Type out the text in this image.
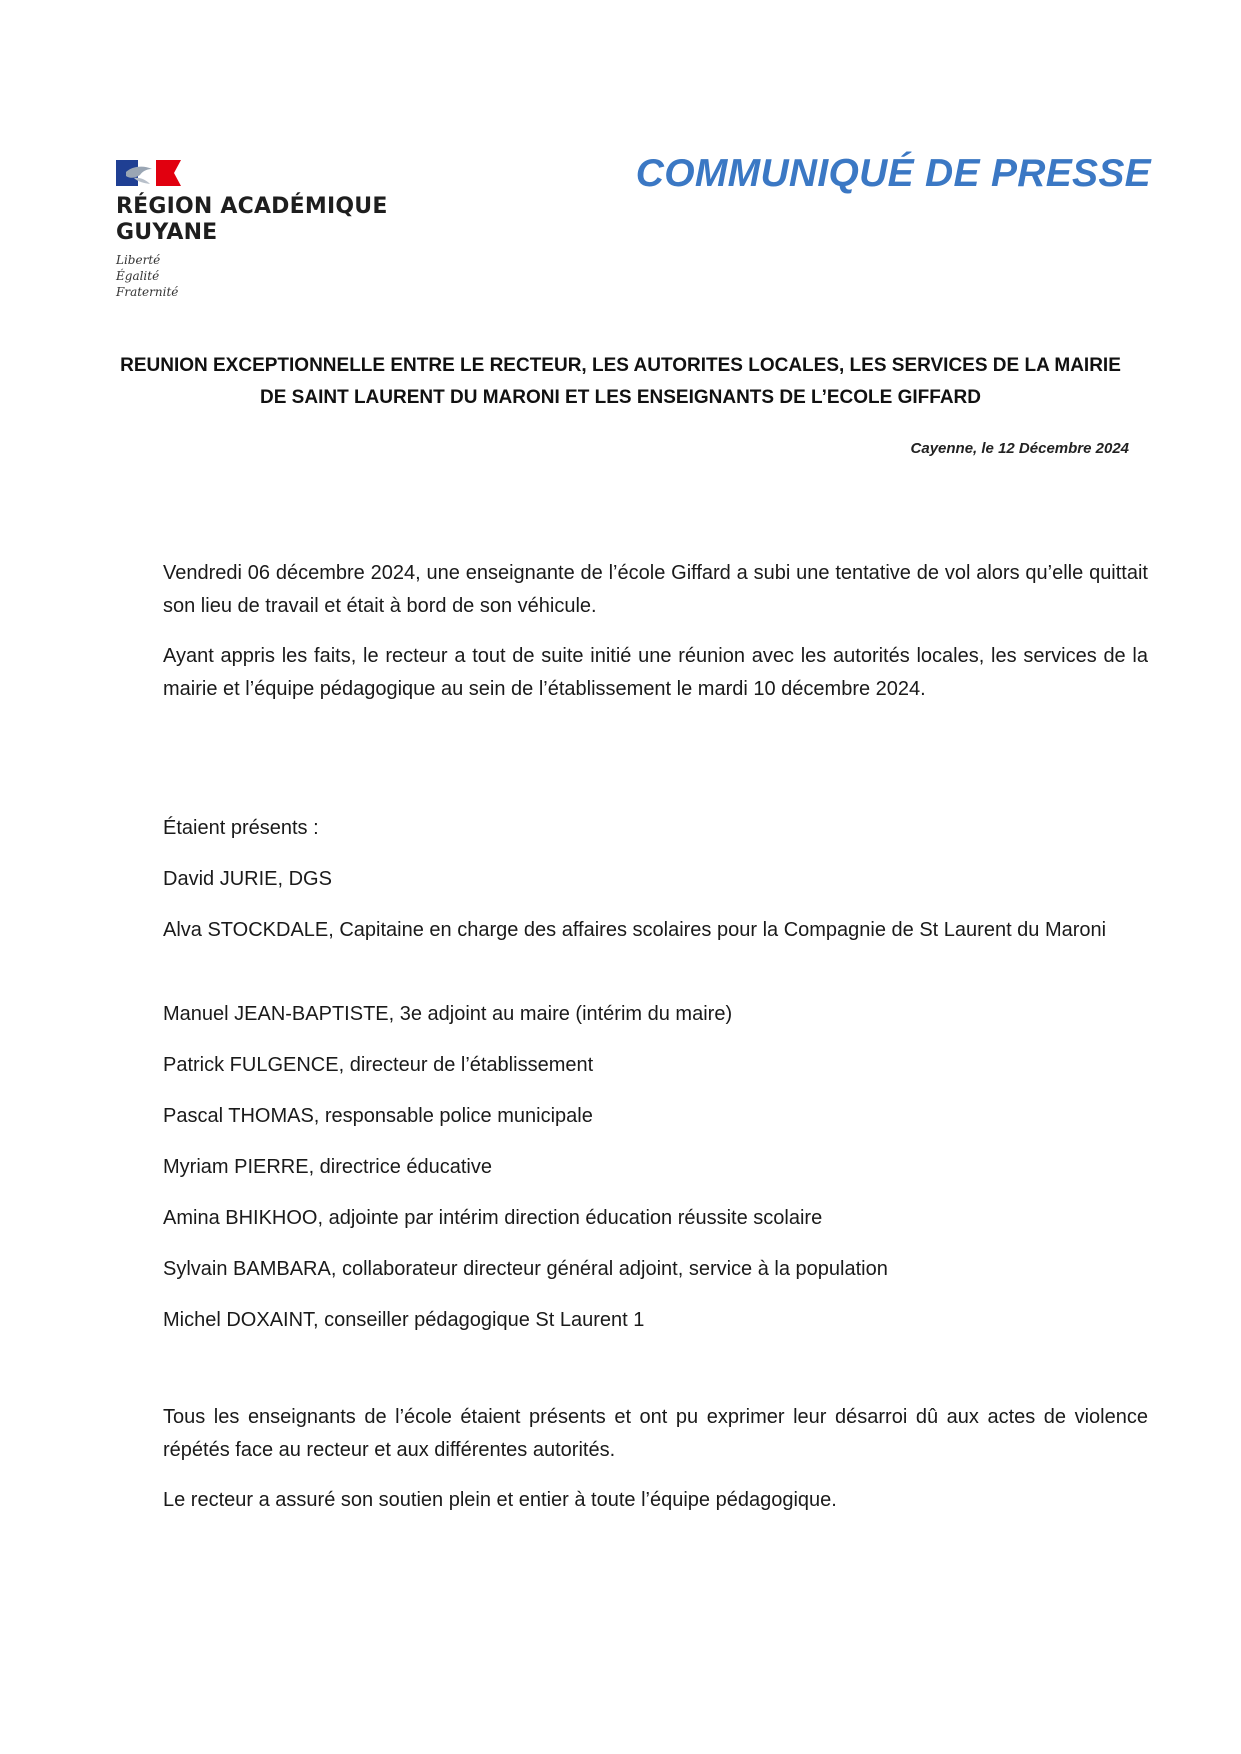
RÉGION ACADÉMIQUE
GUYANE
Liberté
Égalité
Fraternité
COMMUNIQUÉ DE PRESSE
REUNION EXCEPTIONNELLE ENTRE LE RECTEUR, LES AUTORITES LOCALES, LES SERVICES DE LA MAIRIE
DE SAINT LAURENT DU MARONI ET LES ENSEIGNANTS DE L’ECOLE GIFFARD
Cayenne, le 12 Décembre 2024

Vendredi 06 décembre 2024, une enseignante de l’école Giffard a subi une tentative de vol alors qu’elle quittait son lieu de travail et était à bord de son véhicule.

Ayant appris les faits, le recteur a tout de suite initié une réunion avec les autorités locales, les services de la mairie et l’équipe pédagogique au sein de l’établissement le mardi 10 décembre 2024.

Étaient présents :

David JURIE, DGS

Alva STOCKDALE, Capitaine en charge des affaires scolaires pour la Compagnie de St Laurent du Maroni

Manuel JEAN-BAPTISTE, 3e adjoint au maire (intérim du maire)

Patrick FULGENCE, directeur de l’établissement

Pascal THOMAS, responsable police municipale

Myriam PIERRE, directrice éducative

Amina BHIKHOO, adjointe par intérim direction éducation réussite scolaire

Sylvain BAMBARA, collaborateur directeur général adjoint, service à la population

Michel DOXAINT, conseiller pédagogique St Laurent 1

Tous les enseignants de l’école étaient présents et ont pu exprimer leur désarroi dû aux actes de violence répétés face au recteur et aux différentes autorités.

Le recteur a assuré son soutien plein et entier à toute l’équipe pédagogique.
